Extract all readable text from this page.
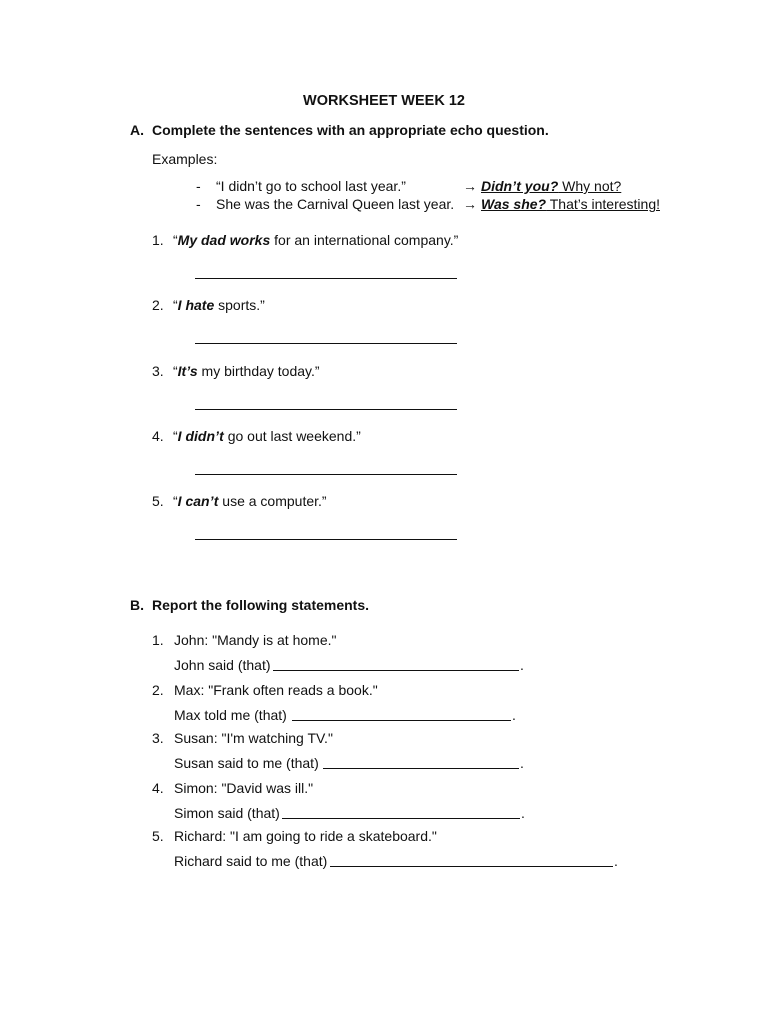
WORKSHEET WEEK 12
A. Complete the sentences with an appropriate echo question.
Examples:
- “I didn’t go to school last year.”	→ Didn’t you? Why not?
- She was the Carnival Queen last year. → Was she? That’s interesting!
1. “My dad works for an international company.”
2. “I hate sports.”
3. “It’s my birthday today.”
4. “I didn’t go out last weekend.”
5. “I can’t use a computer.”
B. Report the following statements.
1. John: "Mandy is at home."
John said (that)	.
2. Max: "Frank often reads a book."
Max told me (that)	.
3. Susan: "I'm watching TV."
Susan said to me (that)	.
4. Simon: "David was ill."
Simon said (that)	.
5. Richard: "I am going to ride a skateboard."
Richard said to me (that)	.
